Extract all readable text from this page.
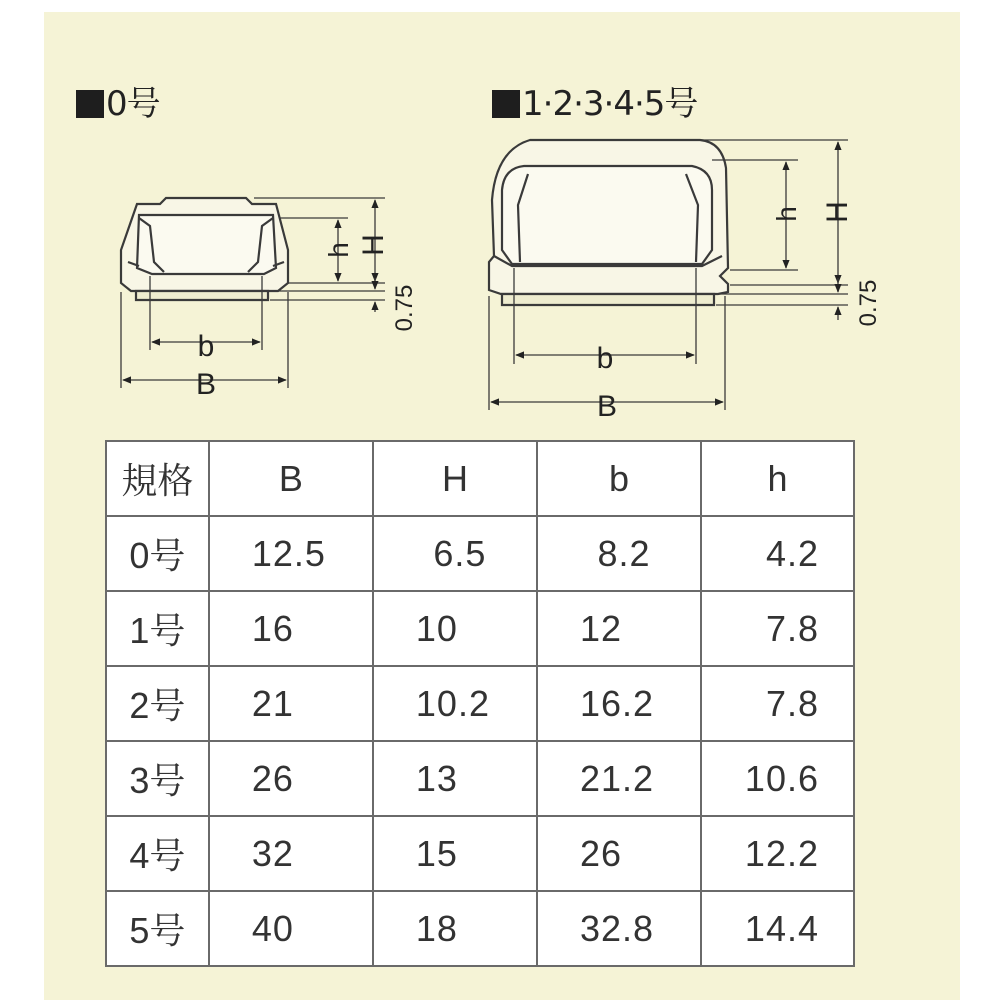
0号	1·2·3·4·5号
b
B
h H
0.75
b
B
h H
0.75
規格	B	H	b	h
0号	12.5	6.5	8.2	4.2
1号	16	10	12	7.8
2号	21	10.2	16.2	7.8
3号	26	13	21.2	10.6
4号	32	15	26	12.2
5号	40	18	32.8	14.4
